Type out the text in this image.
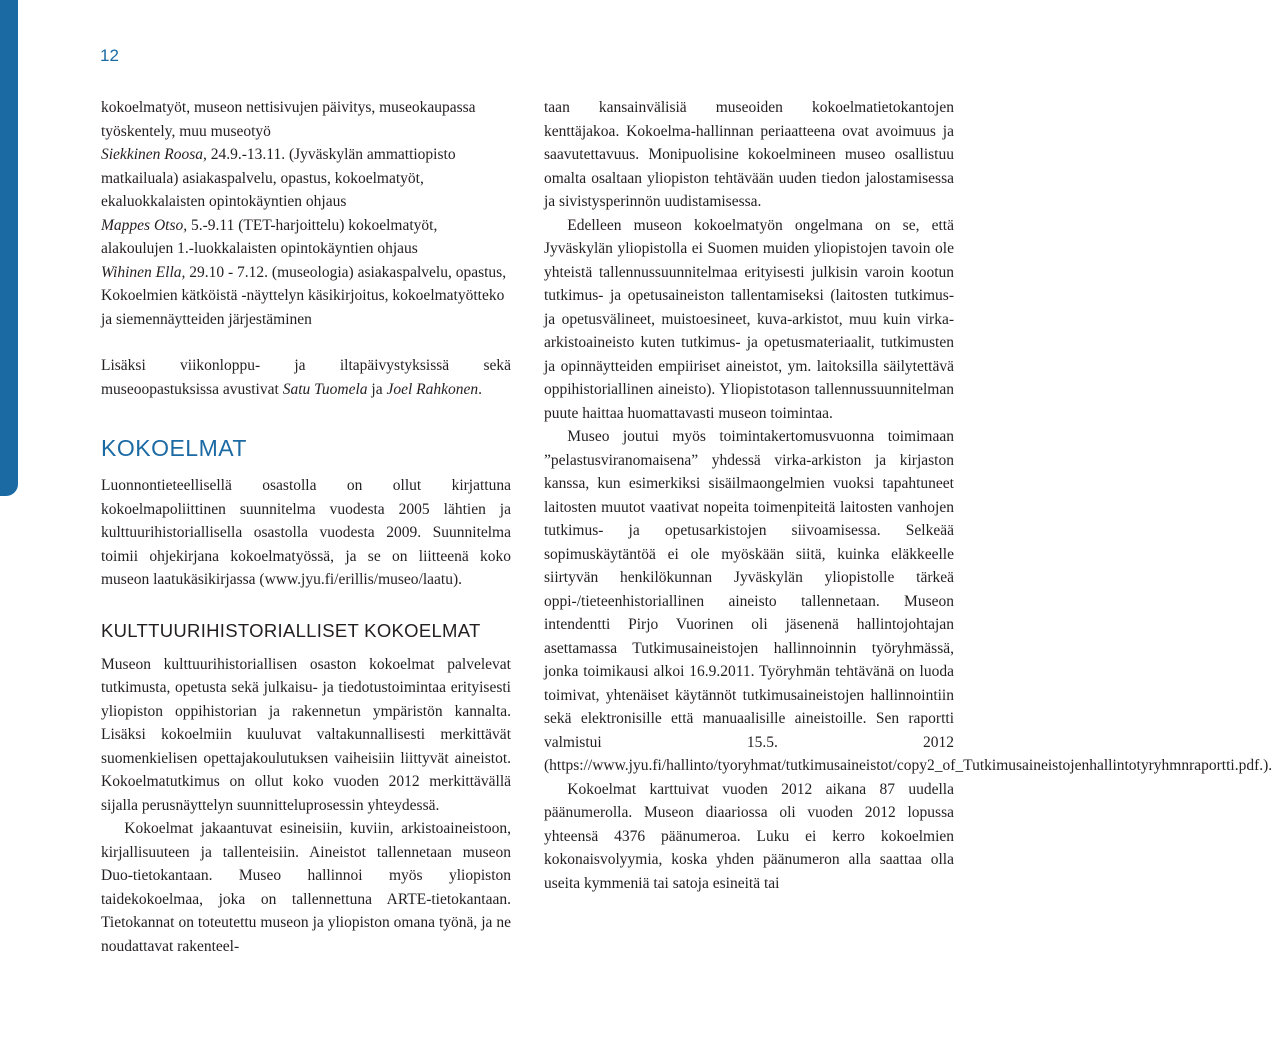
12

kokoelmatyöt, museon nettisivujen päivitys, museokaupassa työskentely, muu museotyö

Siekkinen Roosa, 24.9.-13.11. (Jyväskylän ammattiopisto matkailuala) asiakaspalvelu, opastus, kokoelmatyöt, ekaluokkalaisten opintokäyntien ohjaus

Mappes Otso, 5.-9.11 (TET-harjoittelu) kokoelmatyöt, alakoulujen 1.-luokkalaisten opintokäyntien ohjaus

Wihinen Ella, 29.10 - 7.12. (museologia) asiakaspalvelu, opastus, Kokoelmien kätköistä -näyttelyn käsikirjoitus, kokoelmatyötteko ja siemennäytteiden järjestäminen

Lisäksi viikonloppu- ja iltapäivystyksissä sekä museoopastuksissa avustivat Satu Tuomela ja Joel Rahkonen.

KOKOELMAT

Luonnontieteellisellä osastolla on ollut kirjattuna kokoelmapoliittinen suunnitelma vuodesta 2005 lähtien ja kulttuurihistoriallisella osastolla vuodesta 2009. Suunnitelma toimii ohjekirjana kokoelmatyössä, ja se on liitteenä koko museon laatukäsikirjassa (www.jyu.fi/erillis/museo/laatu).

KULTTUURIHISTORIALLISET KOKOELMAT

Museon kulttuurihistoriallisen osaston kokoelmat palvelevat tutkimusta, opetusta sekä julkaisu- ja tiedotustoimintaa erityisesti yliopiston oppihistorian ja rakennetun ympäristön kannalta. Lisäksi kokoelmiin kuuluvat valtakunnallisesti merkittävät suomenkielisen opettajakoulutuksen vaiheisiin liittyvät aineistot. Kokoelmatutkimus on ollut koko vuoden 2012 merkittävällä sijalla perusnäyttelyn suunnitteluprosessin yhteydessä.

Kokoelmat jakaantuvat esineisiin, kuviin, arkistoaineistoon, kirjallisuuteen ja tallenteisiin. Aineistot tallennetaan museon Duo-tietokantaan. Museo hallinnoi myös yliopiston taidekokoelmaa, joka on tallennettuna ARTE-tietokantaan. Tietokannat on toteutettu museon ja yliopiston omana työnä, ja ne noudattavat rakenteel-

taan kansainvälisiä museoiden kokoelmatietokantojen kenttäjakoa. Kokoelma-hallinnan periaatteena ovat avoimuus ja saavutettavuus. Monipuolisine kokoelmineen museo osallistuu omalta osaltaan yliopiston tehtävään uuden tiedon jalostamisessa ja sivistysperinnön uudistamisessa.

Edelleen museon kokoelmatyön ongelmana on se, että Jyväskylän yliopistolla ei Suomen muiden yliopistojen tavoin ole yhteistä tallennussuunnitelmaa erityisesti julkisin varoin kootun tutkimus- ja opetusaineiston tallentamiseksi (laitosten tutkimus- ja opetusvälineet, muistoesineet, kuva-arkistot, muu kuin virka-arkistoaineisto kuten tutkimus- ja opetusmateriaalit, tutkimusten ja opinnäytteiden empiiriset aineistot, ym. laitoksilla säilytettävä oppihistoriallinen aineisto). Yliopistotason tallennussuunnitelman puute haittaa huomattavasti museon toimintaa.

Museo joutui myös toimintakertomusvuonna toimimaan ”pelastusviranomaisena” yhdessä virka-arkiston ja kirjaston kanssa, kun esimerkiksi sisäilmaongelmien vuoksi tapahtuneet laitosten muutot vaativat nopeita toimenpiteitä laitosten vanhojen tutkimus- ja opetusarkistojen siivoamisessa. Selkeää sopimuskäytäntöä ei ole myöskään siitä, kuinka eläkkeelle siirtyvän henkilökunnan Jyväskylän yliopistolle tärkeä oppi-/tieteenhistoriallinen aineisto tallennetaan. Museon intendentti Pirjo Vuorinen oli jäsenenä hallintojohtajan asettamassa Tutkimusaineistojen hallinnoinnin työryhmässä, jonka toimikausi alkoi 16.9.2011. Työryhmän tehtävänä on luoda toimivat, yhtenäiset käytännöt tutkimusaineistojen hallinnointiin sekä elektronisille että manuaalisille aineistoille. Sen raportti valmistui 15.5. 2012 (https://www.jyu.fi/hallinto/tyoryhmat/tutkimusaineistot/copy2_of_Tutkimusaineistojenhallintotyryhmnraportti.pdf.).

Kokoelmat karttuivat vuoden 2012 aikana 87 uudella päänumerolla. Museon diaariossa oli vuoden 2012 lopussa yhteensä 4376 päänumeroa. Luku ei kerro kokoelmien kokonaisvolyymia, koska yhden päänumeron alla saattaa olla useita kymmeniä tai satoja esineitä tai
